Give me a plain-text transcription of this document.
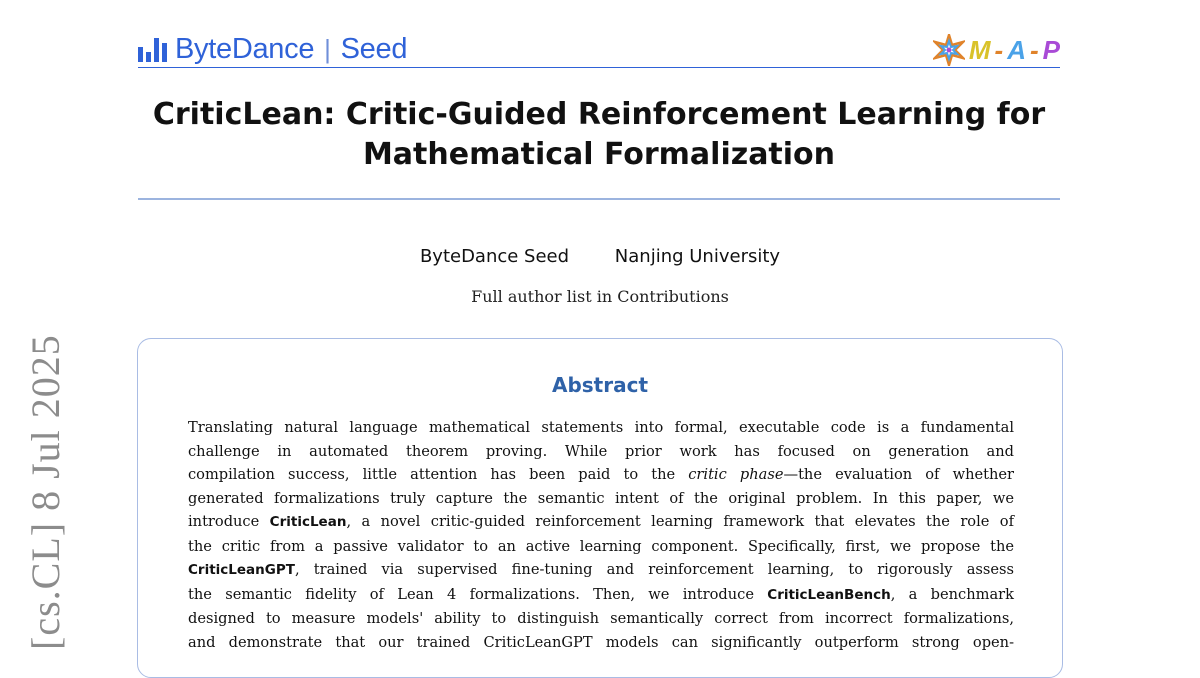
ByteDance | Seed	M - A - P
CriticLean: Critic-Guided Reinforcement Learning for
Mathematical Formalization
ByteDance Seed	Nanjing University
Full author list in Contributions
[cs.CL] 8 Jul 2025	Abstract
Translating natural language mathematical statements into formal, executable code is a fundamental
challenge in automated theorem proving. While prior work has focused on generation and
compilation success, little attention has been paid to the critic phase—the evaluation of whether
generated formalizations truly capture the semantic intent of the original problem. In this paper, we
introduce CriticLean, a novel critic-guided reinforcement learning framework that elevates the role of
the critic from a passive validator to an active learning component. Specifically, first, we propose the
CriticLeanGPT, trained via supervised fine-tuning and reinforcement learning, to rigorously assess
the semantic fidelity of Lean 4 formalizations. Then, we introduce CriticLeanBench, a benchmark
designed to measure models' ability to distinguish semantically correct from incorrect formalizations,
and demonstrate that our trained CriticLeanGPT models can significantly outperform strong open-
